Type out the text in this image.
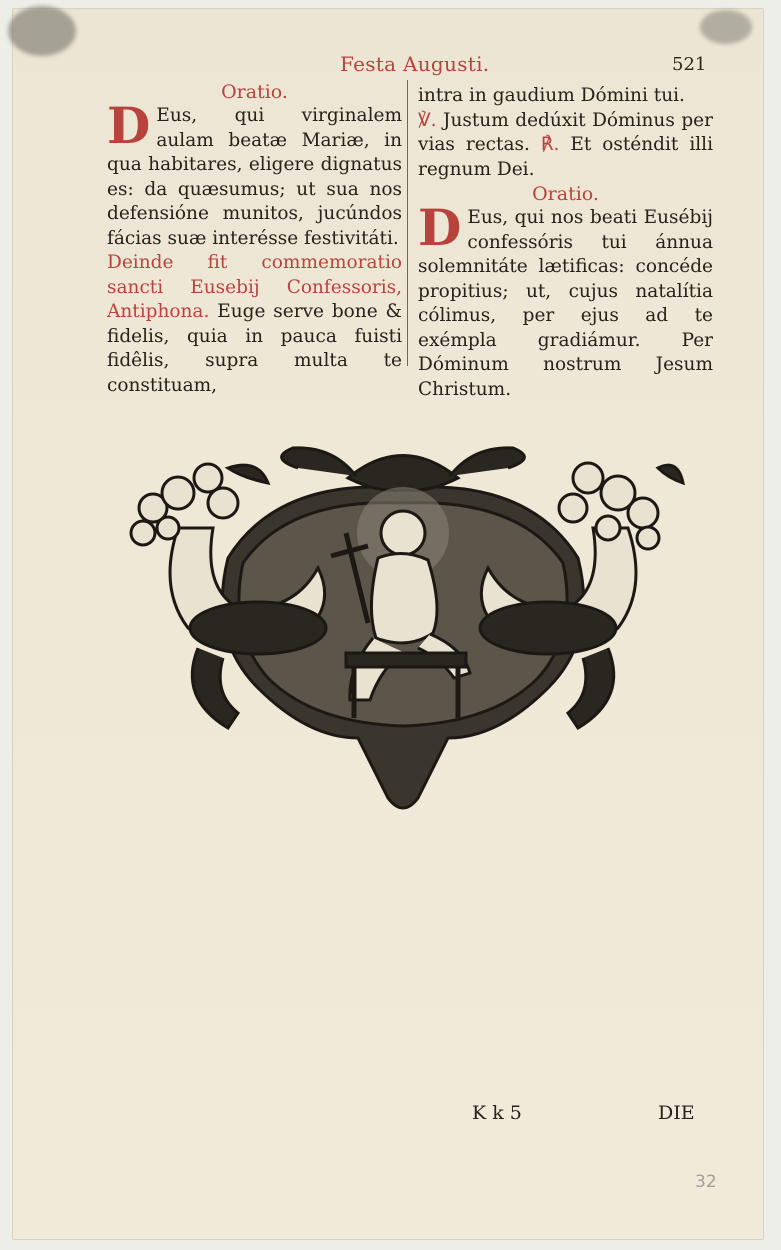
Festa Augusti.	521
Oratio.

D Eus, qui virginalem aulam beatæ Mariæ, in qua habitares, eligere dignatus es: da quæsumus; ut sua nos defensióne munitos, jucúndos fácias suæ interésse festivitáti.

Deinde fit commemoratio sancti Eusebij Confessoris, Antiphona. Euge serve bone & fidelis, quia in pauca fuisti fidêlis, supra multa te constituam,

intra in gaudium Dómini tui.

℣. Justum dedúxit Dóminus per vias rectas. ℟. Et osténdit illi regnum Dei.

Oratio.

D Eus, qui nos beati Eusébij confessóris tui ánnua solemnitáte lætificas: concéde propitius; ut, cujus natalítia cólimus, per ejus ad te exémpla gradiámur. Per Dóminum nostrum Jesum Christum.

K k 5	DIE
32
